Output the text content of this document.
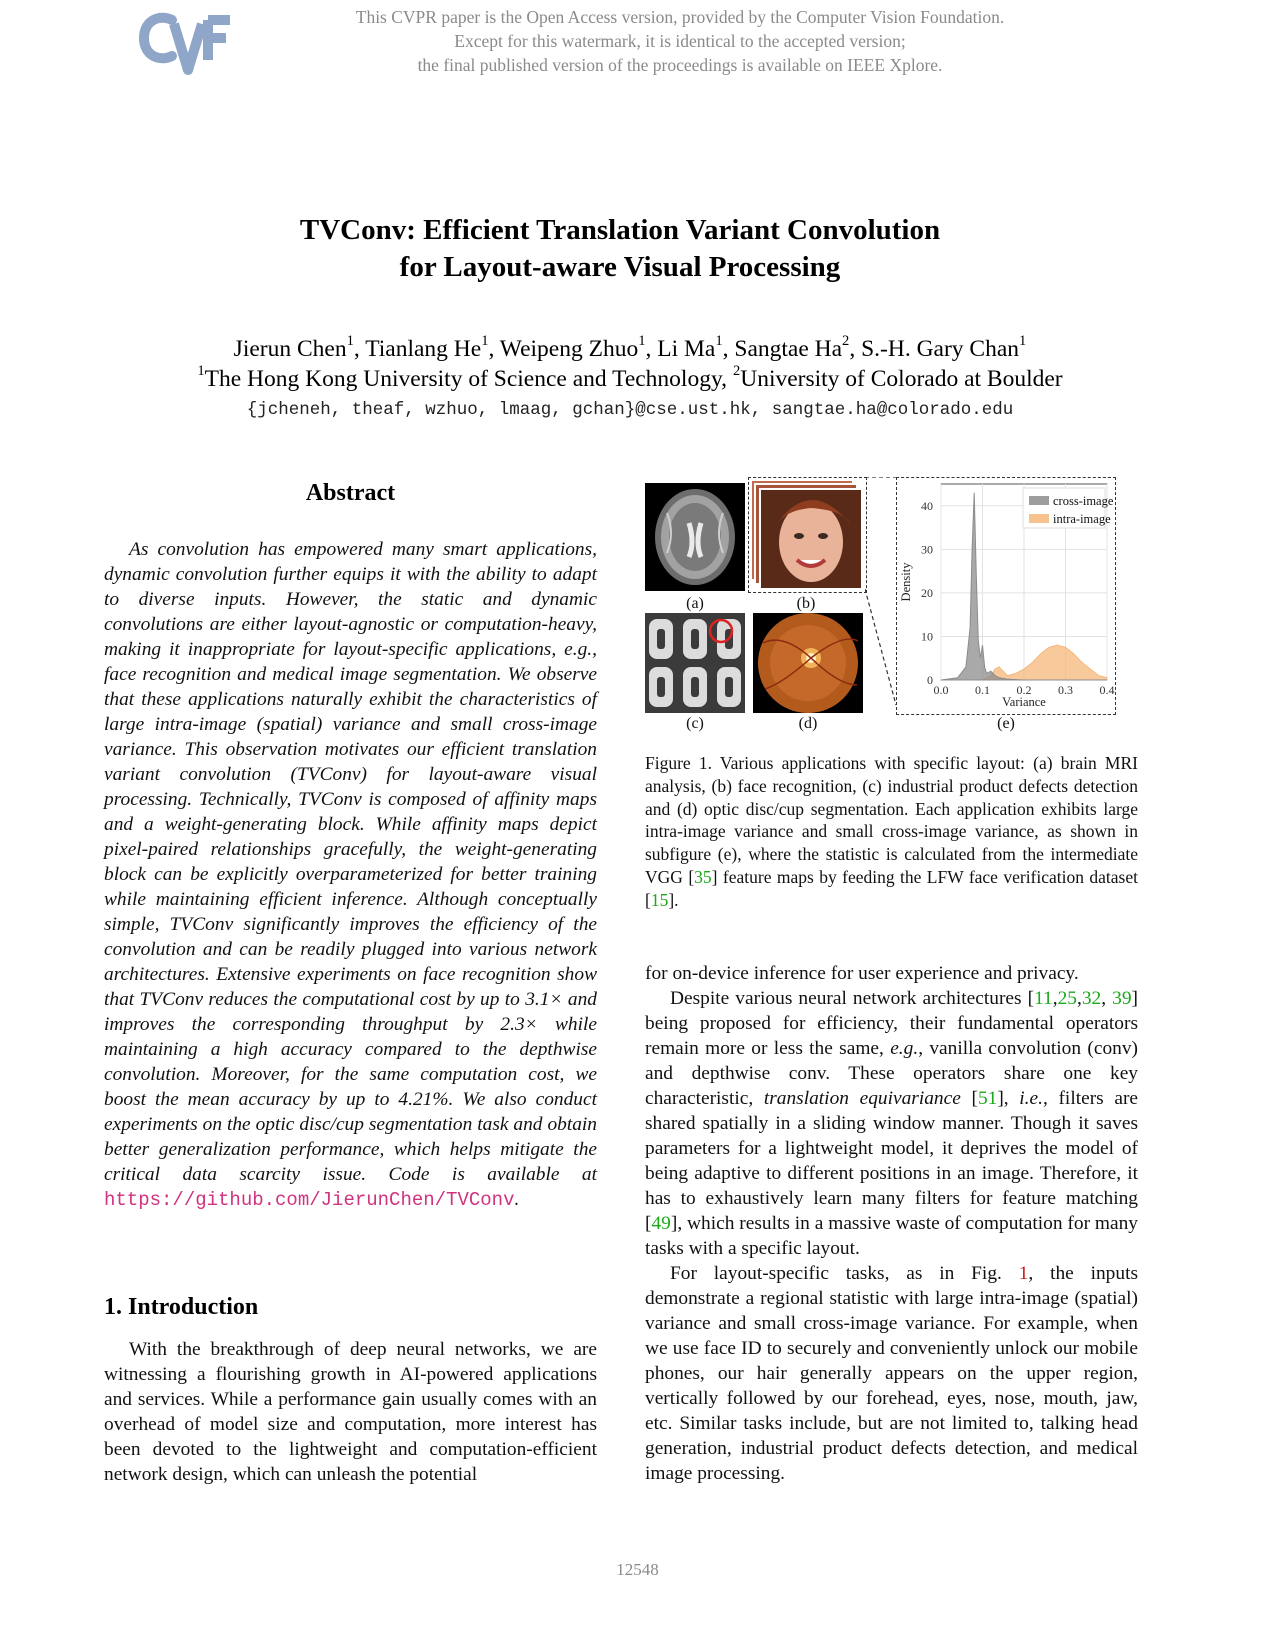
This CVPR paper is the Open Access version, provided by the Computer Vision Foundation.
Except for this watermark, it is identical to the accepted version;
the final published version of the proceedings is available on IEEE Xplore.
TVConv: Efficient Translation Variant Convolution
for Layout-aware Visual Processing
Jierun Chen$^1$, Tianlang He$^1$, Weipeng Zhuo$^1$, Li Ma$^1$, Sangtae Ha$^2$, S.-H. Gary Chan$^1$
$^1$The Hong Kong University of Science and Technology, $^2$University of Colorado at Boulder
{jcheneh, theaf, wzhuo, lmaag, gchan}@cse.ust.hk, sangtae.ha@colorado.edu
Abstract

As convolution has empowered many smart applications, dynamic convolution further equips it with the ability to adapt to diverse inputs. However, the static and dynamic convolutions are either layout-agnostic or computation-heavy, making it inappropriate for layout-specific applications, e.g., face recognition and medical image segmentation. We observe that these applications naturally exhibit the characteristics of large intra-image (spatial) variance and small cross-image variance. This observation motivates our efficient translation variant convolution (TVConv) for layout-aware visual processing. Technically, TVConv is composed of affinity maps and a weight-generating block. While affinity maps depict pixel-paired relationships gracefully, the weight-generating block can be explicitly overparameterized for better training while maintaining efficient inference. Although conceptually simple, TVConv significantly improves the efficiency of the convolution and can be readily plugged into various network architectures. Extensive experiments on face recognition show that TVConv reduces the computational cost by up to 3.1× and improves the corresponding throughput by 2.3× while maintaining a high accuracy compared to the depthwise convolution. Moreover, for the same computation cost, we boost the mean accuracy by up to 4.21%. We also conduct experiments on the optic disc/cup segmentation task and obtain better generalization performance, which helps mitigate the critical data scarcity issue. Code is available at https://github.com/JierunChen/TVConv.

1. Introduction

With the breakthrough of deep neural networks, we are witnessing a flourishing growth in AI-powered applications and services. While a performance gain usually comes with an overhead of model size and computation, more interest has been devoted to the lightweight and computation-efficient network design, which can unleash the potential

(a)	(b)
(c)	(d)
0.0 0.1 0.2 0.3 0.4
0
10
20
30
40
Variance
Density
cross-image
intra-image
(e)
Figure 1. Various applications with specific layout: (a) brain MRI analysis, (b) face recognition, (c) industrial product defects detection and (d) optic disc/cup segmentation. Each application exhibits large intra-image variance and small cross-image variance, as shown in subfigure (e), where the statistic is calculated from the intermediate VGG [35] feature maps by feeding the LFW face verification dataset [15].

for on-device inference for user experience and privacy.

Despite various neural network architectures [11,25,32, 39] being proposed for efficiency, their fundamental operators remain more or less the same, e.g., vanilla convolution (conv) and depthwise conv. These operators share one key characteristic, translation equivariance [51], i.e., filters are shared spatially in a sliding window manner. Though it saves parameters for a lightweight model, it deprives the model of being adaptive to different positions in an image. Therefore, it has to exhaustively learn many filters for feature matching [49], which results in a massive waste of computation for many tasks with a specific layout.

For layout-specific tasks, as in Fig. 1, the inputs demonstrate a regional statistic with large intra-image (spatial) variance and small cross-image variance. For example, when we use face ID to securely and conveniently unlock our mobile phones, our hair generally appears on the upper region, vertically followed by our forehead, eyes, nose, mouth, jaw, etc. Similar tasks include, but are not limited to, talking head generation, industrial product defects detection, and medical image processing.

12548
